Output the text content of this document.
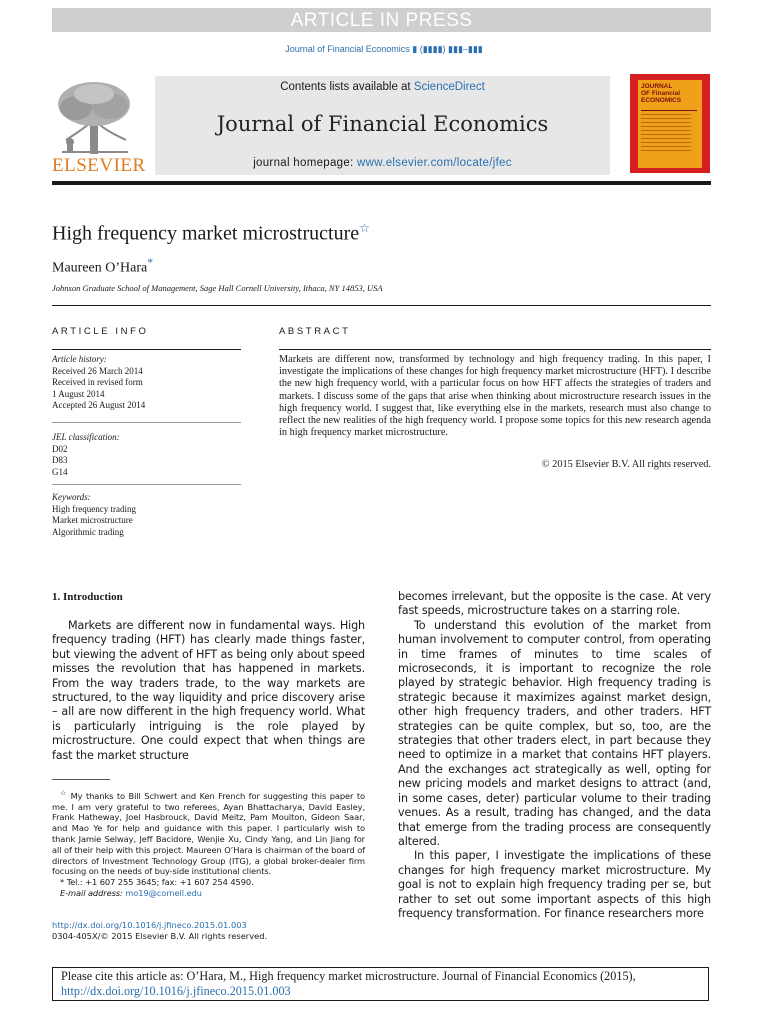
ARTICLE IN PRESS
Journal of Financial Economics ▮ (▮▮▮▮) ▮▮▮–▮▮▮
ELSEVIER
Contents lists available at ScienceDirect
Journal of Financial Economics
journal homepage: www.elsevier.com/locate/jfec
JOURNAL OF Financial ECONOMICS
High frequency market microstructure☆
Maureen O’Hara*
Johnson Graduate School of Management, Sage Hall Cornell University, Ithaca, NY 14853, USA
ARTICLE INFO	ABSTRACT
Article history:
Received 26 March 2014
Received in revised form
1 August 2014
Accepted 26 August 2014
JEL classification:
D02
D83
G14
Keywords:
High frequency trading
Market microstructure
Algorithmic trading
Markets are different now, transformed by technology and high frequency trading. In this paper, I investigate the implications of these changes for high frequency market microstructure (HFT). I describe the new high frequency world, with a particular focus on how HFT affects the strategies of traders and markets. I discuss some of the gaps that arise when thinking about microstructure research issues in the high frequency world. I suggest that, like everything else in the markets, research must also change to reflect the new realities of the high frequency world. I propose some topics for this new research agenda in high frequency market microstructure.
© 2015 Elsevier B.V. All rights reserved.
1. Introduction

Markets are different now in fundamental ways. High frequency trading (HFT) has clearly made things faster, but viewing the advent of HFT as being only about speed misses the revolution that has happened in markets. From the way traders trade, to the way markets are structured, to the way liquidity and price discovery arise – all are now different in the high frequency world. What is particularly intriguing is the role played by microstructure. One could expect that when things are fast the market structure

☆ My thanks to Bill Schwert and Ken French for suggesting this paper to me. I am very grateful to two referees, Ayan Bhattacharya, David Easley, Frank Hatheway, Joel Hasbrouck, David Meitz, Pam Moulton, Gideon Saar, and Mao Ye for help and guidance with this paper. I particularly wish to thank Jamie Selway, Jeff Bacidore, Wenjie Xu, Cindy Yang, and Lin Jiang for all of their help with this project. Maureen O’Hara is chairman of the board of directors of Investment Technology Group (ITG), a global broker-dealer firm focusing on the needs of buy-side institutional clients.

* Tel.: +1 607 255 3645; fax: +1 607 254 4590.

E-mail address: mo19@cornell.edu

http://dx.doi.org/10.1016/j.jfineco.2015.01.003
0304-405X/© 2015 Elsevier B.V. All rights reserved.

becomes irrelevant, but the opposite is the case. At very fast speeds, microstructure takes on a starring role.

To understand this evolution of the market from human involvement to computer control, from operating in time frames of minutes to time scales of microseconds, it is important to recognize the role played by strategic behavior. High frequency trading is strategic because it maximizes against market design, other high frequency traders, and other traders. HFT strategies can be quite complex, but so, too, are the strategies that other traders elect, in part because they need to optimize in a market that contains HFT players. And the exchanges act strategically as well, opting for new pricing models and market designs to attract (and, in some cases, deter) particular volume to their trading venues. As a result, trading has changed, and the data that emerge from the trading process are consequently altered.

In this paper, I investigate the implications of these changes for high frequency market microstructure. My goal is not to explain high frequency trading per se, but rather to set out some important aspects of this high frequency transformation. For finance researchers more

Please cite this article as: O’Hara, M., High frequency market microstructure. Journal of Financial Economics (2015), http://dx.doi.org/10.1016/j.jfineco.2015.01.003
